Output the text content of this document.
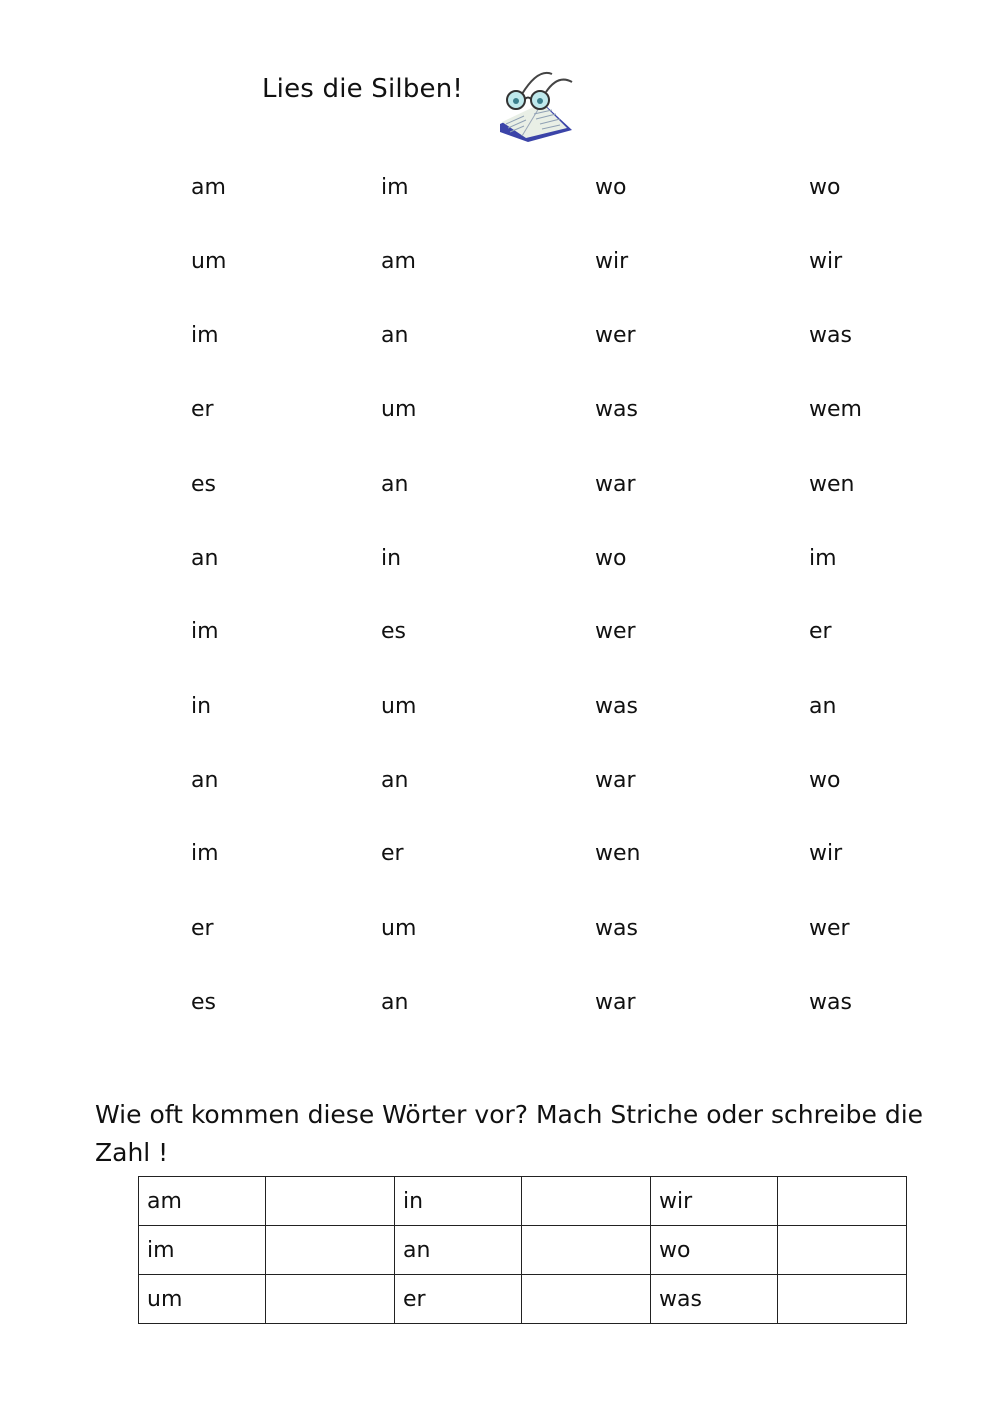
Lies die Silben!
am	im	wo	wo
um	am	wir	wir
im	an	wer	was
er	um	was	wem
es	an	war	wen
an	in	wo	im
im	es	wer	er
in	um	was	an
an	an	war	wo
im	er	wen	wir
er	um	was	wer
es	an	war	was
Wie oft kommen diese Wörter vor? Mach Striche oder schreibe die Zahl !
am		in		wir	
im		an		wo	
um		er		was	
